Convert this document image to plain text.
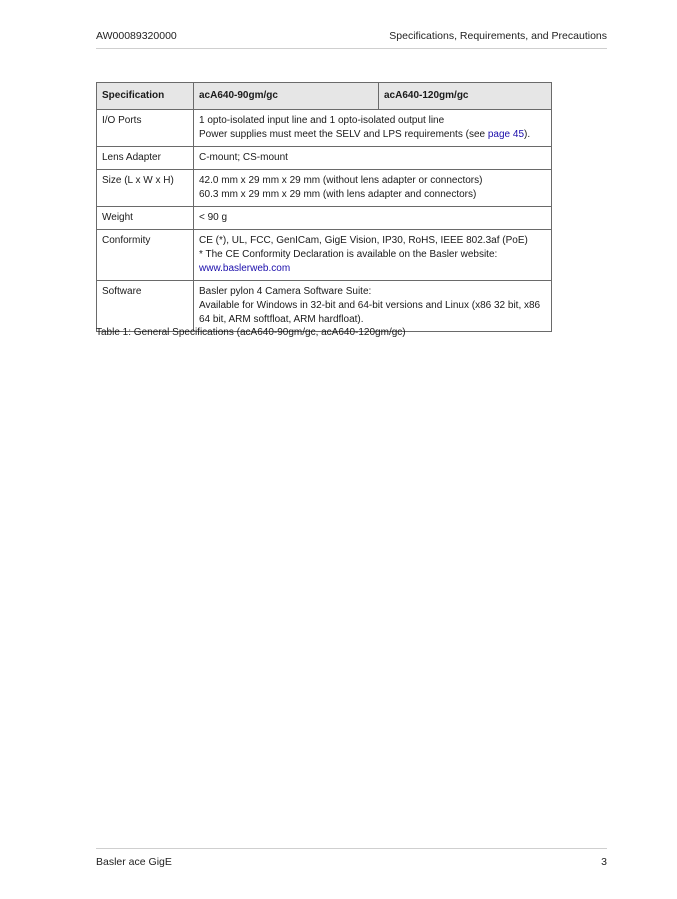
AW00089320000	Specifications, Requirements, and Precautions
Specification	acA640-90gm/gc	acA640-120gm/gc
I/O Ports	1 opto-isolated input line and 1 opto-isolated output line
Power supplies must meet the SELV and LPS requirements (see page 45).	

Lens Adapter	C-mount; CS-mount	
Size (L x W x H)	42.0 mm x 29 mm x 29 mm (without lens adapter or connectors)
60.3 mm x 29 mm x 29 mm (with lens adapter and connectors)	

Weight	< 90 g	
Conformity	CE (*), UL, FCC, GenICam, GigE Vision, IP30, RoHS, IEEE 802.3af (PoE)
* The CE Conformity Declaration is available on the Basler website:
www.baslerweb.com	

Software	Basler pylon 4 Camera Software Suite:
Available for Windows in 32-bit and 64-bit versions and Linux (x86 32 bit, x86 64 bit, ARM softfloat, ARM hardfloat).	
Table 1: General Specifications (acA640-90gm/gc, acA640-120gm/gc)
Basler ace GigE	3
